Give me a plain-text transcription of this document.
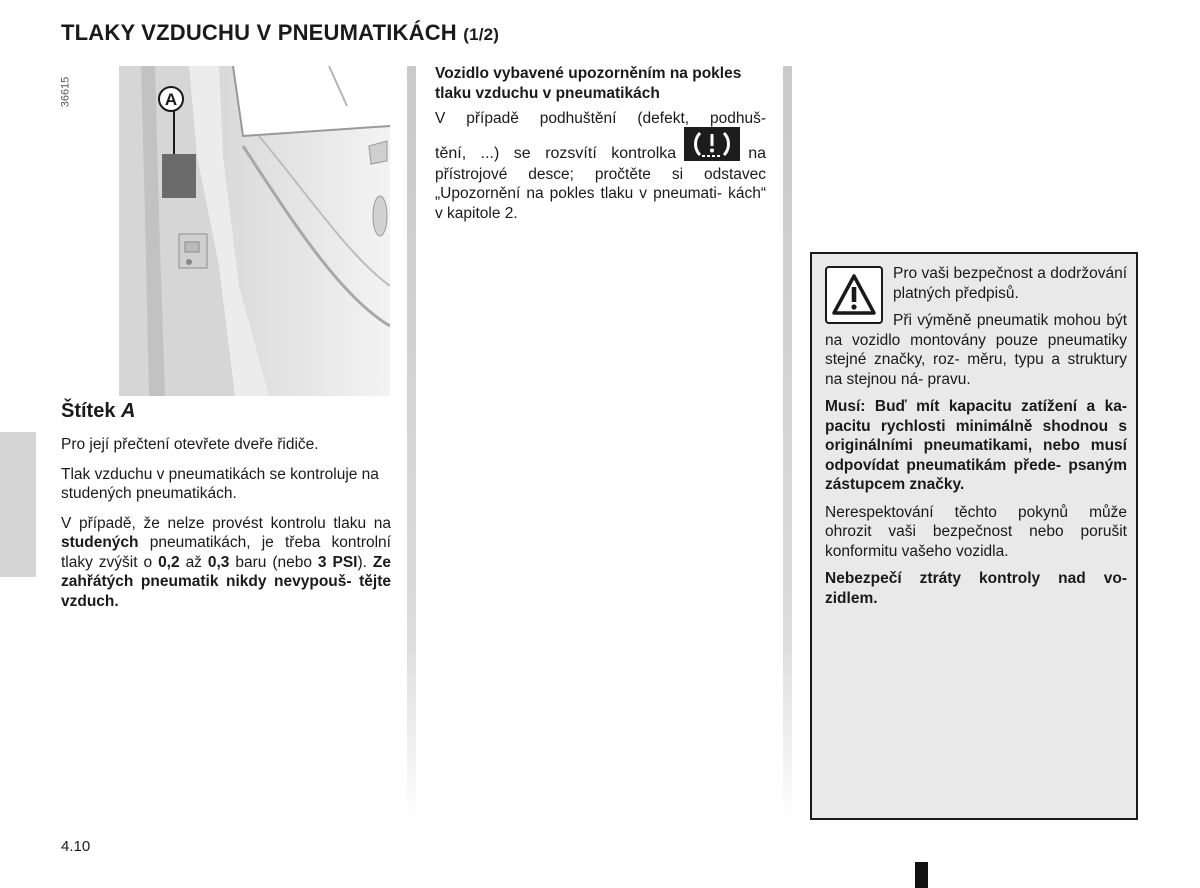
TLAKY VZDUCHU V PNEUMATIKÁCH (1/2)
36615	A
Štítek A

Pro její přečtení otevřete dveře řidiče.

Tlak vzduchu v pneumatikách se kontroluje na studených pneumatikách.

V případě, že nelze provést kontrolu tlaku na studených pneumatikách, je třeba kontrolní tlaky zvýšit o 0,2 až 0,3 baru (nebo 3 PSI). Ze zahřátých pneumatik nikdy nevypouš- tějte vzduch.

Vozidlo vybavené upozorněním na pokles tlaku vzduchu v pneumatikách
V případě podhuštění (defekt, podhuš-
tění, ...) se rozsvítí kontrolka	na

přístrojové desce; pročtěte si odstavec „Upozornění na pokles tlaku v pneumati- kách“ v kapitole 2.

Pro vaši bezpečnost a dodržování platných předpisů.

Při výměně pneumatik mohou být na vozidlo montovány pouze pneumatiky stejné značky, roz- měru, typu a struktury na stejnou ná- pravu.

Musí: Buď mít kapacitu zatížení a ka- pacitu rychlosti minimálně shodnou s originálními pneumatikami, nebo musí odpovídat pneumatikám přede- psaným zástupcem značky.

Nerespektování těchto pokynů může ohrozit vaši bezpečnost nebo porušit konformitu vašeho vozidla.

Nebezpečí ztráty kontroly nad vo- zidlem.

4.10
